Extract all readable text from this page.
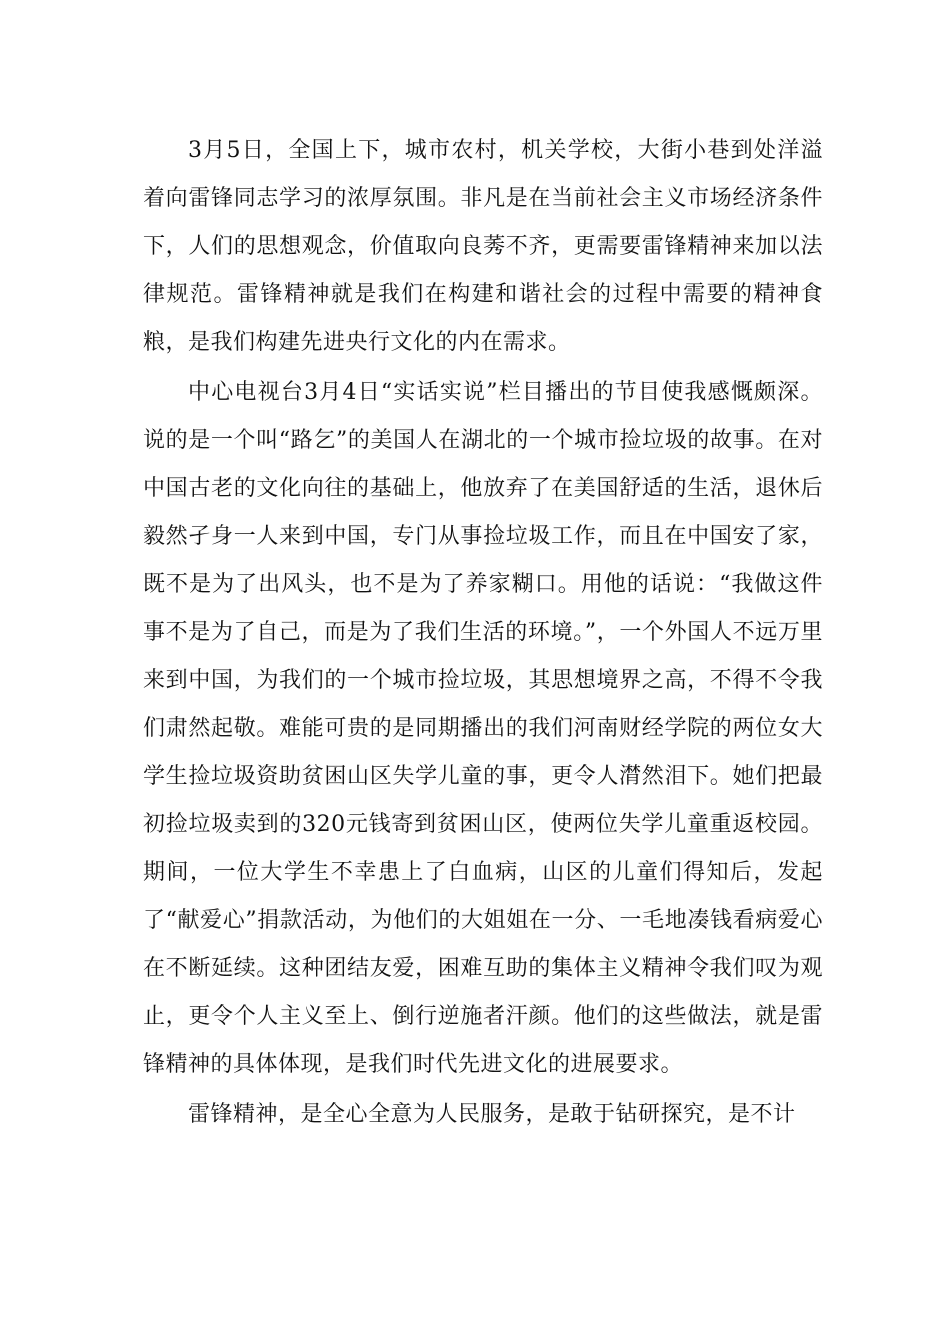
3月5日，全国上下，城市农村，机关学校，大街小巷到处洋溢着向雷锋同志学习的浓厚氛围。非凡是在当前社会主义市场经济条件下，人们的思想观念，价值取向良莠不齐，更需要雷锋精神来加以法律规范。雷锋精神就是我们在构建和谐社会的过程中需要的精神食粮，是我们构建先进央行文化的内在需求。

中心电视台3月4日“实话实说”栏目播出的节目使我感慨颇深。说的是一个叫“路乞”的美国人在湖北的一个城市捡垃圾的故事。在对中国古老的文化向往的基础上，他放弃了在美国舒适的生活，退休后毅然孑身一人来到中国，专门从事捡垃圾工作，而且在中国安了家，既不是为了出风头，也不是为了养家糊口。用他的话说：“我做这件事不是为了自己，而是为了我们生活的环境。”，一个外国人不远万里来到中国，为我们的一个城市捡垃圾，其思想境界之高，不得不令我们肃然起敬。难能可贵的是同期播出的我们河南财经学院的两位女大学生捡垃圾资助贫困山区失学儿童的事，更令人潸然泪下。她们把最初捡垃圾卖到的320元钱寄到贫困山区，使两位失学儿童重返校园。期间，一位大学生不幸患上了白血病，山区的儿童们得知后，发起了“献爱心”捐款活动，为他们的大姐姐在一分、一毛地凑钱看病爱心在不断延续。这种团结友爱，困难互助的集体主义精神令我们叹为观止，更令个人主义至上、倒行逆施者汗颜。他们的这些做法，就是雷锋精神的具体体现，是我们时代先进文化的进展要求。

雷锋精神，是全心全意为人民服务，是敢于钻研探究，是不计
